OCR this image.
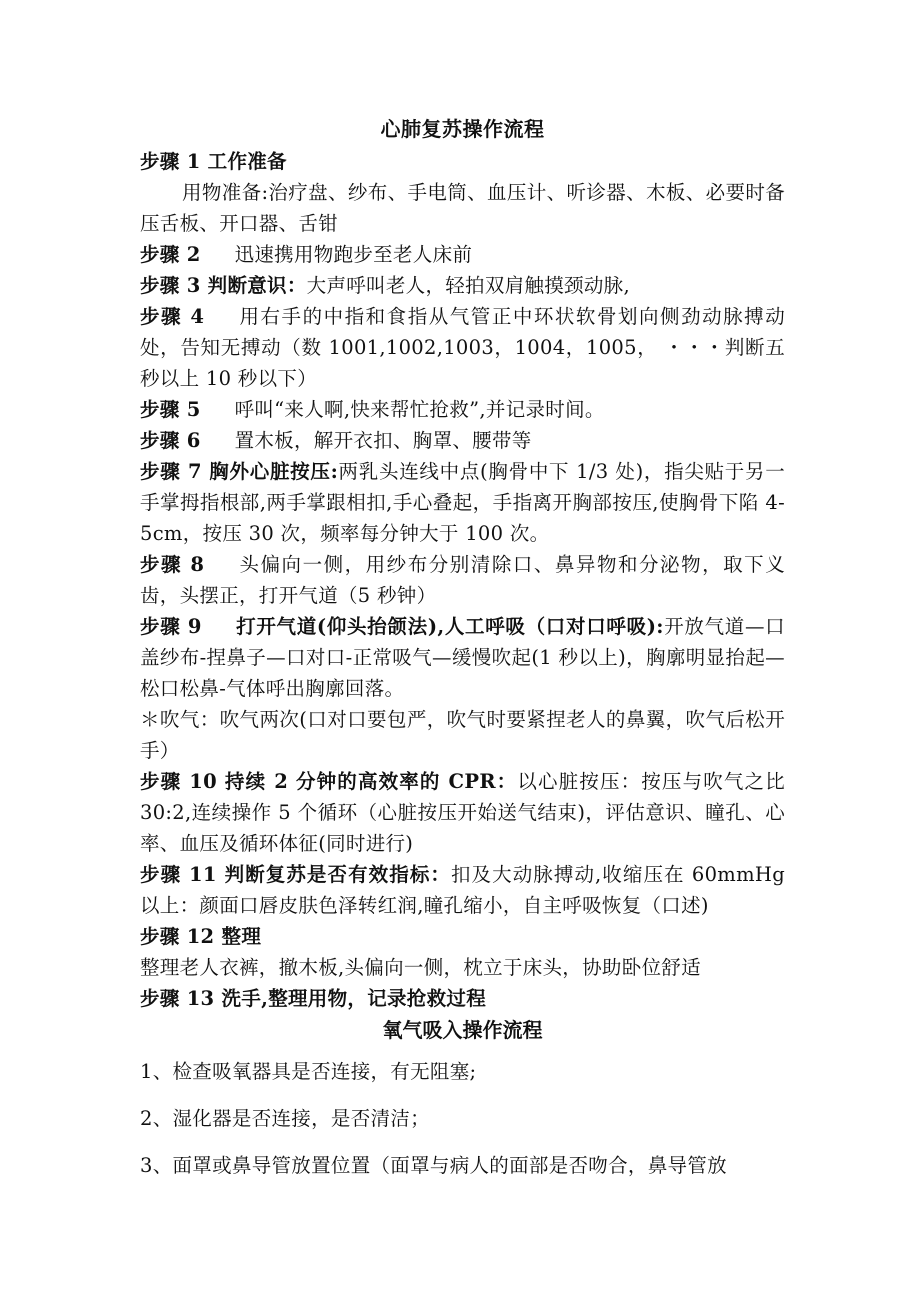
心肺复苏操作流程

步骤 1 工作准备

用物准备:治疗盘、纱布、手电筒、血压计、听诊器、木板、必要时备压舌板、开口器、舌钳

步骤 2 迅速携用物跑步至老人床前

步骤 3 判断意识：大声呼叫老人，轻拍双肩触摸颈动脉,

步骤 4 用右手的中指和食指从气管正中环状软骨划向侧劲动脉搏动处，告知无搏动（数 1001,1002,1003，1004，1005， ・・・判断五秒以上 10 秒以下）

步骤 5 呼叫“来人啊,快来帮忙抢救”,并记录时间。

步骤 6 置木板，解开衣扣、胸罩、腰带等

步骤 7 胸外心脏按压:两乳头连线中点(胸骨中下 1/3 处)，指尖贴于另一手掌拇指根部,两手掌跟相扣,手心叠起，手指离开胸部按压,使胸骨下陷 4-5cm，按压 30 次，频率每分钟大于 100 次。

步骤 8 头偏向一侧，用纱布分别清除口、鼻异物和分泌物，取下义齿，头摆正，打开气道（5 秒钟）

步骤 9 打开气道(仰头抬颌法),人工呼吸（口对口呼吸):开放气道—口盖纱布-捏鼻子—口对口-正常吸气—缓慢吹起(1 秒以上)，胸廓明显抬起—松口松鼻-气体呼出胸廓回落。

＊吹气：吹气两次(口对口要包严，吹气时要紧捏老人的鼻翼，吹气后松开手）

步骤 10 持续 2 分钟的高效率的 CPR：以心脏按压：按压与吹气之比 30:2,连续操作 5 个循环（心脏按压开始送气结束)，评估意识、瞳孔、心率、血压及循环体征(同时进行)

步骤 11 判断复苏是否有效指标：扣及大动脉搏动,收缩压在 60mmHg 以上：颜面口唇皮肤色泽转红润,瞳孔缩小，自主呼吸恢复（口述)

步骤 12 整理

整理老人衣裤，撤木板,头偏向一侧，枕立于床头，协助卧位舒适

步骤 13 洗手,整理用物，记录抢救过程

氧气吸入操作流程

1、检查吸氧器具是否连接，有无阻塞;

2、湿化器是否连接，是否清洁；

3、面罩或鼻导管放置位置（面罩与病人的面部是否吻合，鼻导管放
